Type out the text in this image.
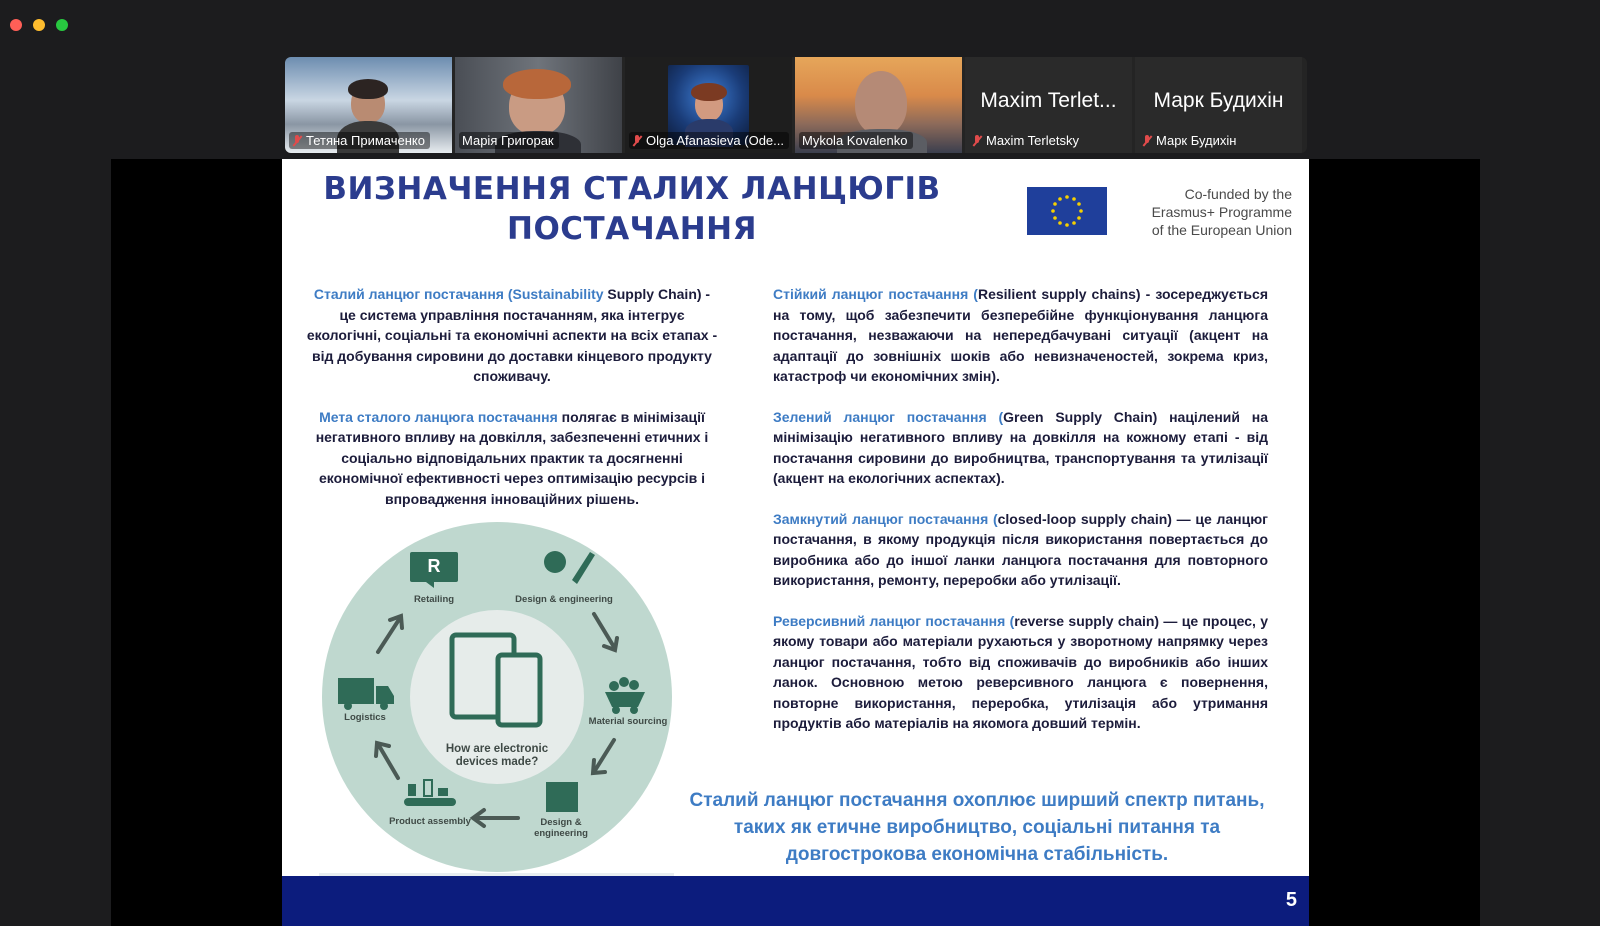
Тетяна Примаченко	Марія Григорак	Olga Afanasieva (Ode... Mykola Kovalenko
Maxim Terlet...
Maxim Terletsky
Марк Будихін
Марк Будихін
ВИЗНАЧЕННЯ СТАЛИХ ЛАНЦЮГІВ
ПОСТАЧАННЯ
Co-funded by the
Erasmus+ Programme
of the European Union

Сталий ланцюг постачання (Sustainability Supply Chain) - це система управління постачанням, яка інтегрує екологічні, соціальні та економічні аспекти на всіх етапах - від добування сировини до доставки кінцевого продукту споживачу.

Мета сталого ланцюга постачання полягає в мінімізації негативного впливу на довкілля, забезпеченні етичних і соціально відповідальних практик та досягненні економічної ефективності через оптимізацію ресурсів і впровадження інноваційних рішень.

Стійкий ланцюг постачання (Resilient supply chains) - зосереджується на тому, щоб забезпечити безперебійне функціонування ланцюга постачання, незважаючи на непередбачувані ситуації (акцент на адаптації до зовнішніх шоків або невизначеностей, зокрема криз, катастроф чи економічних змін).

Зелений ланцюг постачання (Green Supply Chain) націлений на мінімізацію негативного впливу на довкілля на кожному етапі - від постачання сировини до виробництва, транспортування та утилізації (акцент на екологічних аспектах).

Замкнутий ланцюг постачання (closed-loop supply chain) — це ланцюг постачання, в якому продукція після використання повертається до виробника або до іншої ланки ланцюга постачання для повторного використання, ремонту, переробки або утилізації.

Реверсивний ланцюг постачання (reverse supply chain) — це процес, у якому товари або матеріали рухаються у зворотному напрямку через ланцюг постачання, тобто від споживачів до виробників або інших ланок. Основною метою реверсивного ланцюга є повернення, повторне використання, переробка, утилізація або утримання продуктів або матеріалів на якомога довший термін.

R
Retailing	Design & engineering
Material sourcing
Design & engineering
Product assembly
Logistics
How are electronic devices made?
Сталий ланцюг постачання охоплює ширший спектр питань, таких як етичне виробництво, соціальні питання та довгострокова економічна стабільність.
5
